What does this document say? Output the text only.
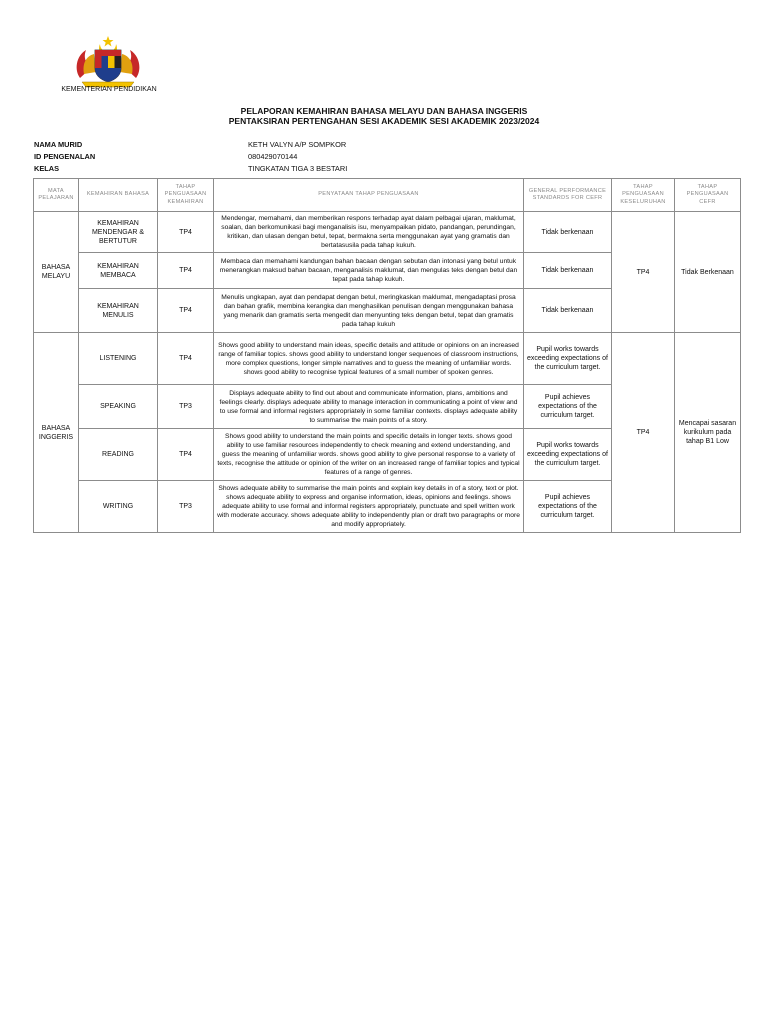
KEMENTERIAN PENDIDIKAN
PELAPORAN KEMAHIRAN BAHASA MELAYU DAN BAHASA INGGERIS
PENTAKSIRAN PERTENGAHAN SESI AKADEMIK SESI AKADEMIK 2023/2024
NAMA MURID	KETH VALYN A/P SOMPKOR
ID PENGENALAN	080429070144
KELAS	TINGKATAN TIGA 3 BESTARI
MATA PELAJARAN	KEMAHIRAN BAHASA	TAHAP PENGUASAAN KEMAHIRAN	PENYATAAN TAHAP PENGUASAAN	GENERAL PERFORMANCE STANDARDS FOR CEFR	TAHAP PENGUASAAN KESELURUHAN	TAHAP PENGUASAAN CEFR
BAHASA MELAYU	KEMAHIRAN MENDENGAR & BERTUTUR	TP4	Mendengar, memahami, dan memberikan respons terhadap ayat dalam pelbagai ujaran, maklumat, soalan, dan berkomunikasi bagi menganalisis isu, menyampaikan pidato, pandangan, perundingan, kritikan, dan ulasan dengan betul, tepat, bermakna serta menggunakan ayat yang gramatis dan bertatasusila pada tahap kukuh.	Tidak berkenaan	TP4	Tidak Berkenaan
	KEMAHIRAN MEMBACA	TP4	Membaca dan memahami kandungan bahan bacaan dengan sebutan dan intonasi yang betul untuk menerangkan maksud bahan bacaan, menganalisis maklumat, dan mengulas teks dengan betul dan tepat pada tahap kukuh.	Tidak berkenaan		
	KEMAHIRAN MENULIS	TP4	Menulis ungkapan, ayat dan pendapat dengan betul, meringkaskan maklumat, mengadaptasi prosa dan bahan grafik, membina kerangka dan menghasilkan penulisan dengan menggunakan bahasa yang menarik dan gramatis serta mengedit dan menyunting teks dengan betul, tepat dan gramatis pada tahap kukuh	Tidak berkenaan		
BAHASA INGGERIS	LISTENING	TP4	Shows good ability to understand main ideas, specific details and attitude or opinions on an increased range of familiar topics. shows good ability to understand longer sequences of classroom instructions, more complex questions, longer simple narratives and to guess the meaning of unfamiliar words. shows good ability to recognise typical features of a small number of spoken genres.	Pupil works towards exceeding expectations of the curriculum target.	TP4	Mencapai sasaran kurikulum pada tahap B1 Low
	SPEAKING	TP3	Displays adequate ability to find out about and communicate information, plans, ambitions and feelings clearly. displays adequate ability to manage interaction in communicating a point of view and to use formal and informal registers appropriately in some familiar contexts. displays adequate ability to summarise the main points of a story.	Pupil achieves expectations of the curriculum target.		
	READING	TP4	Shows good ability to understand the main points and specific details in longer texts. shows good ability to use familiar resources independently to check meaning and extend understanding, and guess the meaning of unfamiliar words. shows good ability to give personal response to a variety of texts, recognise the attitude or opinion of the writer on an increased range of familiar topics and typical features of a range of genres.	Pupil works towards exceeding expectations of the curriculum target.		
	WRITING	TP3	Shows adequate ability to summarise the main points and explain key details in of a story, text or plot. shows adequate ability to express and organise information, ideas, opinions and feelings. shows adequate ability to use formal and informal registers appropriately, punctuate and spell written work with moderate accuracy. shows adequate ability to independently plan or draft two paragraphs or more and modify appropriately.	Pupil achieves expectations of the curriculum target.		
